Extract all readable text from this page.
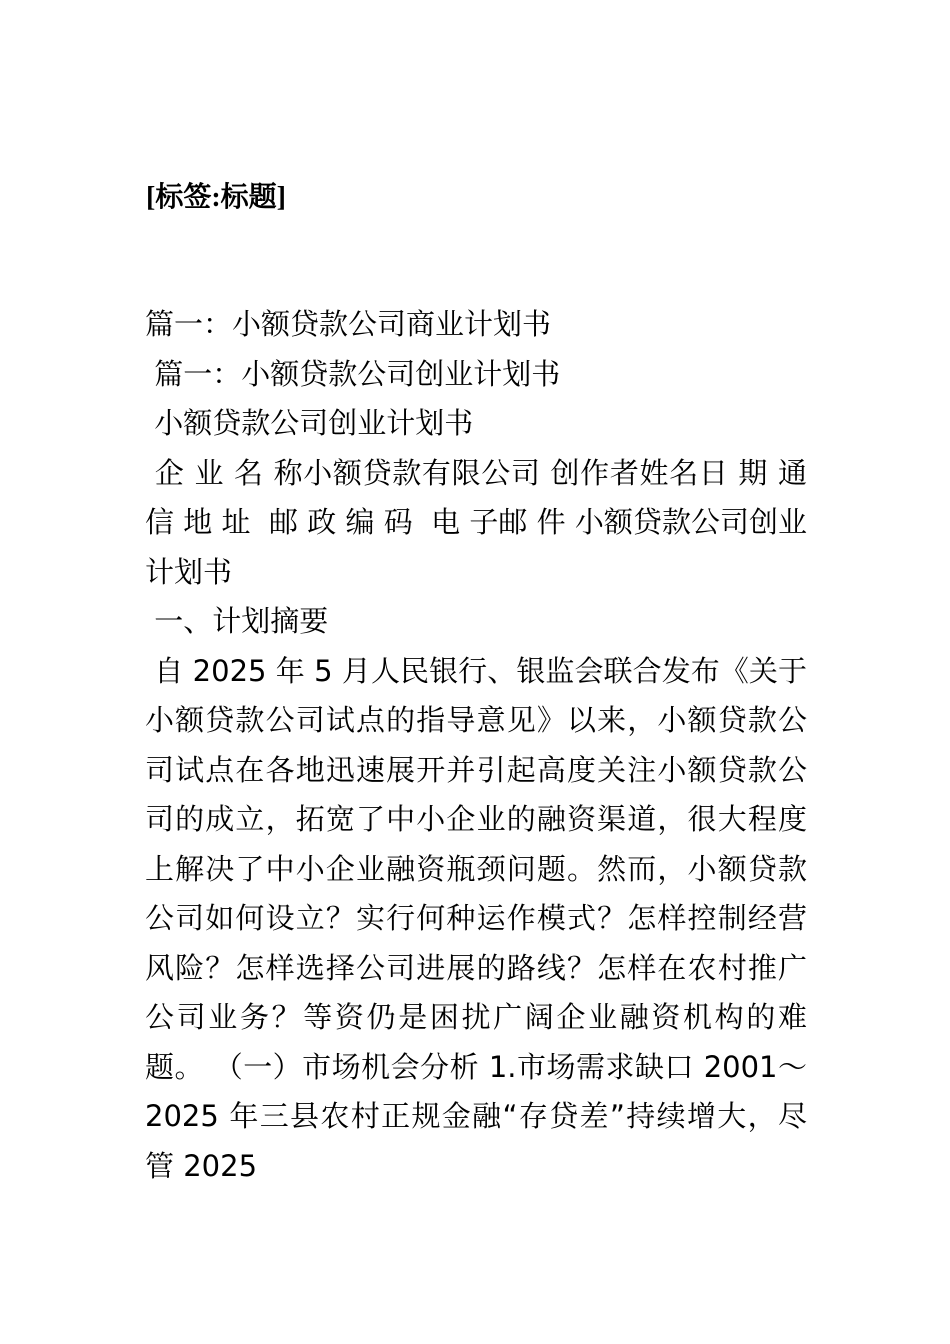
[标签:标题]

篇一：小额贷款公司商业计划书

篇一：小额贷款公司创业计划书

小额贷款公司创业计划书

企 业 名 称小额贷款有限公司 创作者姓名日 期 通 信 地 址  邮 政 编 码  电 子邮 件 小额贷款公司创业计划书

一、计划摘要

自 2025 年 5 月人民银行、银监会联合发布《关于小额贷款公司试点的指导意见》以来，小额贷款公司试点在各地迅速展开并引起高度关注小额贷款公司的成立，拓宽了中小企业的融资渠道，很大程度上解决了中小企业融资瓶颈问题。然而，小额贷款公司如何设立？实行何种运作模式？怎样控制经营风险？怎样选择公司进展的路线？怎样在农村推广公司业务？等资仍是困扰广阔企业融资机构的难题。 （一）市场机会分析 1.市场需求缺口 2001～2025 年三县农村正规金融“存贷差”持续增大，尽管 2025
